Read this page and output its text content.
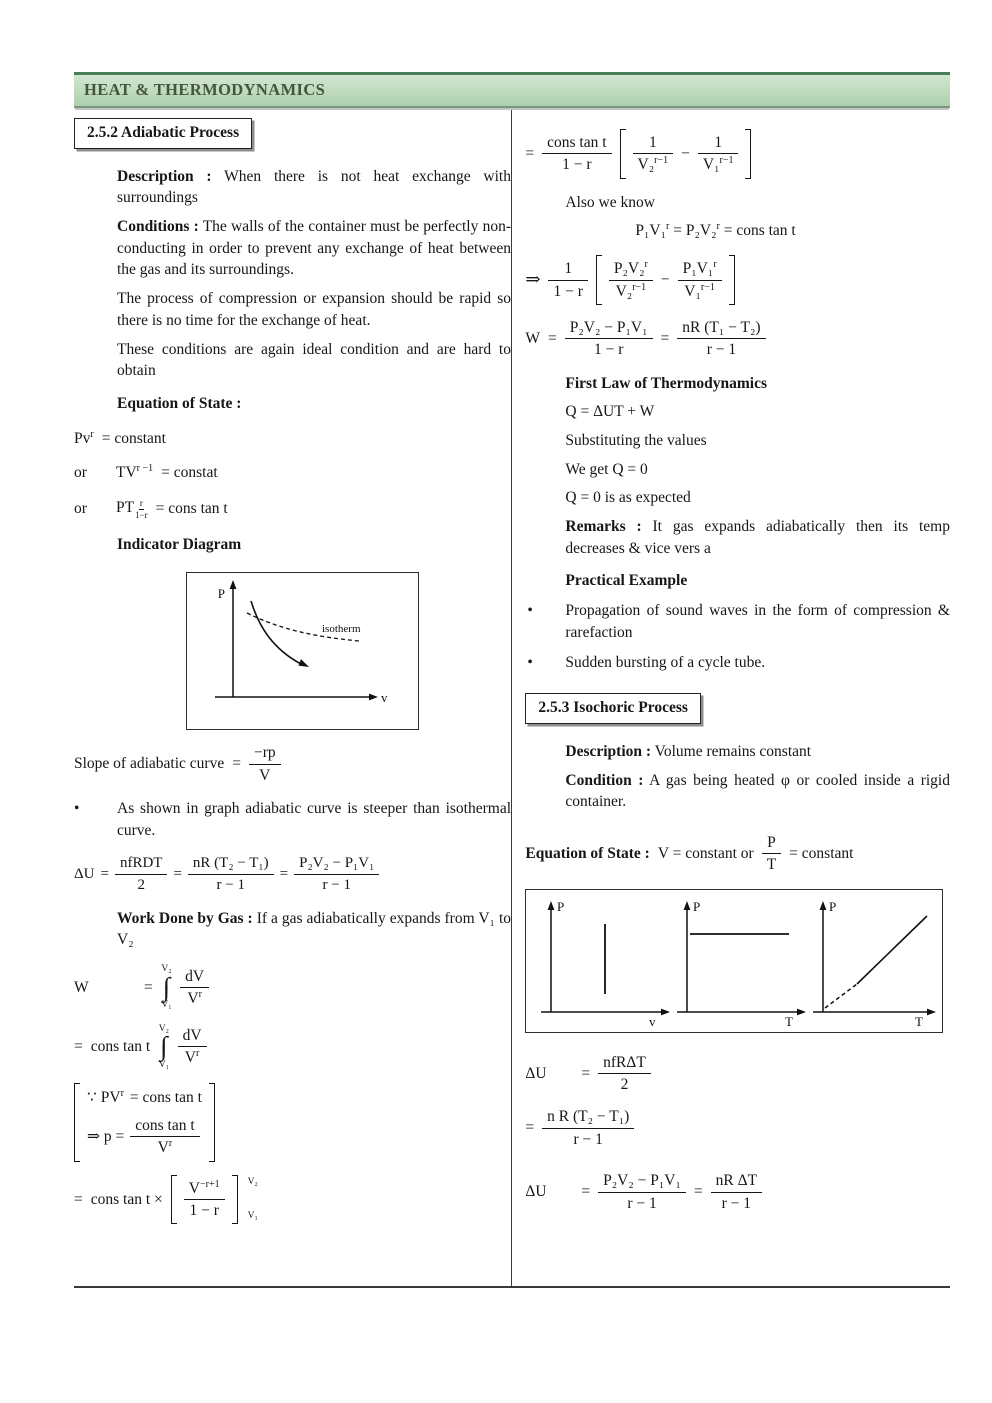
HEAT & THERMODYNAMICS
2.5.2 Adiabatic Process

Description : When there is not heat exchange with surroundings

Conditions : The walls of the container must be perfectly non-conducting in order to prevent any exchange of heat between the gas and its surroundings.

The process of compression or expansion should be rapid so there is no time for the exchange of heat.

These conditions are again ideal condition and are hard to obtain

Equation of State :

$Pv^r$ = constant
or	$TV^{r -1}$ = constat
or	PT $\frac{r}{1-r}$ = cons tan t

Indicator Diagram

P
v
isotherm
Slope of adiabatic curve = $\frac{-rp}{V}$
•	As shown in graph adiabatic curve is steeper than isothermal curve.
ΔU =
nfRDT
2
= $\frac{\text{nR (T₂ − T₁)}}{r - 1} = \frac{\text{P₂V₂ − P₁V₁}}{r - 1}$

Work Done by Gas : If a gas adiabatically expands from V₁ to V₂

W	=
V₂
∫
$V_1 \frac{dV}{V^r}$
= cons tan t
V₂
∫
$V_1 \frac{dV}{V^r}$
∵ $PV^r$ = cons tan t
⇒ p =
cons tan t
$V^r$
= cons $\tan t \times \frac{V^{-r+1}}{1 - r} V_2$
V₁
=
cons tan t
1 − r	$\frac{1}{V_2^{r-1}} - \frac{1}{V_1^{r-1}}$

Also we know

P₁V₁$^r$ = P₂V₂$^r$ = cons tan t

⇒ $\frac{1}{1 - r} \frac{P_2V_2^r}{V_2^{r-1}} - \frac{P_1V_1^r}{V_1^{r-1}}$
$W = \frac{\text{P₂V₂ − P₁V₁}}{1 - r} = \frac{\text{nR (T₁ − T₂)}}{r - 1}$

First Law of Thermodynamics

Q = ΔUT + W

Substituting the values

We get Q = 0

Q = 0 is as expected

Remarks : It gas expands adiabatically then its temp decreases & vice vers a

Practical Example

•	Propagation of sound waves in the form of compression & rarefaction
•	Sudden bursting of a cycle tube.
2.5.3 Isochoric Process

Description : Volume remains constant

Condition : A gas being heated φ or cooled inside a rigid container.

Equation of State : V = constant or $\frac{P}{T}$ = constant
P
v
P
T
P
T
ΔU	=
nfRΔT
2
= $\frac{\text{n R (T₂ − T₁)}}{r - 1}$
ΔU	= $\frac{\text{P₂V₂ − P₁V₁}}{r - 1} = \frac{\text{nR ΔT}}{r - 1}$
